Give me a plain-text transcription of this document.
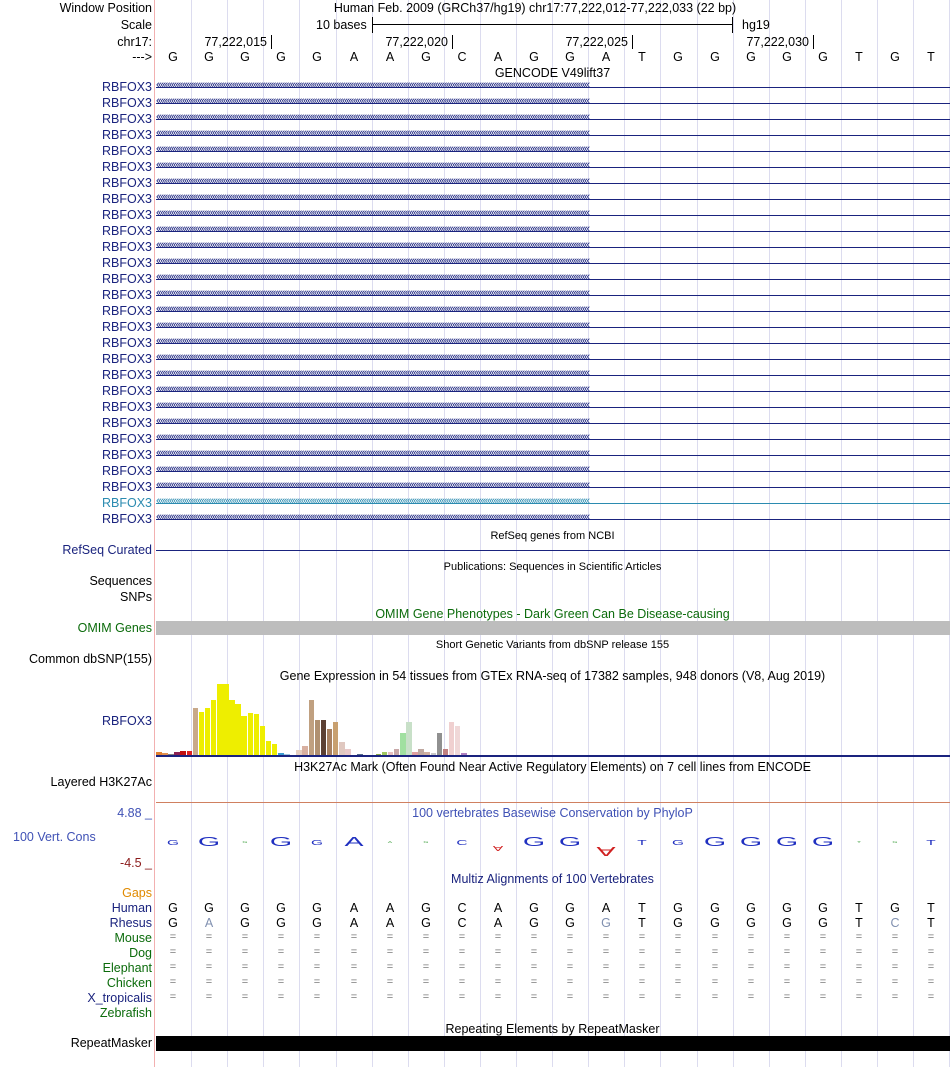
Window Position	Human Feb. 2009 (GRCh37/hg19) chr17:77,222,012-77,222,033 (22 bp)
Scale	10 bases	hg19
chr17:	77,222,015	77,222,020	77,222,025	77,222,030
--->	G	G	G	G	G	A	A	G	C	A	G	G	A	T	G	G	G	G	G	T	G	T
GENCODE V49lift37
RBFOX3 ‹‹‹‹‹‹‹‹‹‹‹‹‹‹‹‹‹‹‹‹‹‹‹‹‹‹‹‹‹‹‹‹‹‹‹‹‹‹‹‹‹‹‹‹‹‹‹‹‹‹‹‹‹‹‹‹‹‹‹‹‹‹‹‹‹‹‹‹‹‹‹‹‹‹‹‹‹‹‹‹‹‹‹‹‹‹‹‹‹‹‹‹‹‹‹‹‹‹‹‹‹‹‹‹‹‹‹‹‹‹‹‹‹‹‹‹‹‹‹‹‹‹‹‹‹‹‹‹‹‹‹‹‹‹‹‹‹‹‹‹‹‹‹‹‹‹‹‹‹‹‹‹‹‹‹‹‹‹‹‹‹‹‹‹‹‹‹‹‹‹‹‹‹‹‹‹‹‹‹‹‹‹‹‹‹‹‹‹‹‹‹‹‹‹‹‹‹‹‹‹
RBFOX3 ‹‹‹‹‹‹‹‹‹‹‹‹‹‹‹‹‹‹‹‹‹‹‹‹‹‹‹‹‹‹‹‹‹‹‹‹‹‹‹‹‹‹‹‹‹‹‹‹‹‹‹‹‹‹‹‹‹‹‹‹‹‹‹‹‹‹‹‹‹‹‹‹‹‹‹‹‹‹‹‹‹‹‹‹‹‹‹‹‹‹‹‹‹‹‹‹‹‹‹‹‹‹‹‹‹‹‹‹‹‹‹‹‹‹‹‹‹‹‹‹‹‹‹‹‹‹‹‹‹‹‹‹‹‹‹‹‹‹‹‹‹‹‹‹‹‹‹‹‹‹‹‹‹‹‹‹‹‹‹‹‹‹‹‹‹‹‹‹‹‹‹‹‹‹‹‹‹‹‹‹‹‹‹‹‹‹‹‹‹‹‹‹‹‹‹‹‹‹‹‹
RBFOX3 ‹‹‹‹‹‹‹‹‹‹‹‹‹‹‹‹‹‹‹‹‹‹‹‹‹‹‹‹‹‹‹‹‹‹‹‹‹‹‹‹‹‹‹‹‹‹‹‹‹‹‹‹‹‹‹‹‹‹‹‹‹‹‹‹‹‹‹‹‹‹‹‹‹‹‹‹‹‹‹‹‹‹‹‹‹‹‹‹‹‹‹‹‹‹‹‹‹‹‹‹‹‹‹‹‹‹‹‹‹‹‹‹‹‹‹‹‹‹‹‹‹‹‹‹‹‹‹‹‹‹‹‹‹‹‹‹‹‹‹‹‹‹‹‹‹‹‹‹‹‹‹‹‹‹‹‹‹‹‹‹‹‹‹‹‹‹‹‹‹‹‹‹‹‹‹‹‹‹‹‹‹‹‹‹‹‹‹‹‹‹‹‹‹‹‹‹‹‹‹‹
RBFOX3 ‹‹‹‹‹‹‹‹‹‹‹‹‹‹‹‹‹‹‹‹‹‹‹‹‹‹‹‹‹‹‹‹‹‹‹‹‹‹‹‹‹‹‹‹‹‹‹‹‹‹‹‹‹‹‹‹‹‹‹‹‹‹‹‹‹‹‹‹‹‹‹‹‹‹‹‹‹‹‹‹‹‹‹‹‹‹‹‹‹‹‹‹‹‹‹‹‹‹‹‹‹‹‹‹‹‹‹‹‹‹‹‹‹‹‹‹‹‹‹‹‹‹‹‹‹‹‹‹‹‹‹‹‹‹‹‹‹‹‹‹‹‹‹‹‹‹‹‹‹‹‹‹‹‹‹‹‹‹‹‹‹‹‹‹‹‹‹‹‹‹‹‹‹‹‹‹‹‹‹‹‹‹‹‹‹‹‹‹‹‹‹‹‹‹‹‹‹‹‹‹
RBFOX3 ‹‹‹‹‹‹‹‹‹‹‹‹‹‹‹‹‹‹‹‹‹‹‹‹‹‹‹‹‹‹‹‹‹‹‹‹‹‹‹‹‹‹‹‹‹‹‹‹‹‹‹‹‹‹‹‹‹‹‹‹‹‹‹‹‹‹‹‹‹‹‹‹‹‹‹‹‹‹‹‹‹‹‹‹‹‹‹‹‹‹‹‹‹‹‹‹‹‹‹‹‹‹‹‹‹‹‹‹‹‹‹‹‹‹‹‹‹‹‹‹‹‹‹‹‹‹‹‹‹‹‹‹‹‹‹‹‹‹‹‹‹‹‹‹‹‹‹‹‹‹‹‹‹‹‹‹‹‹‹‹‹‹‹‹‹‹‹‹‹‹‹‹‹‹‹‹‹‹‹‹‹‹‹‹‹‹‹‹‹‹‹‹‹‹‹‹‹‹‹‹
RBFOX3 ‹‹‹‹‹‹‹‹‹‹‹‹‹‹‹‹‹‹‹‹‹‹‹‹‹‹‹‹‹‹‹‹‹‹‹‹‹‹‹‹‹‹‹‹‹‹‹‹‹‹‹‹‹‹‹‹‹‹‹‹‹‹‹‹‹‹‹‹‹‹‹‹‹‹‹‹‹‹‹‹‹‹‹‹‹‹‹‹‹‹‹‹‹‹‹‹‹‹‹‹‹‹‹‹‹‹‹‹‹‹‹‹‹‹‹‹‹‹‹‹‹‹‹‹‹‹‹‹‹‹‹‹‹‹‹‹‹‹‹‹‹‹‹‹‹‹‹‹‹‹‹‹‹‹‹‹‹‹‹‹‹‹‹‹‹‹‹‹‹‹‹‹‹‹‹‹‹‹‹‹‹‹‹‹‹‹‹‹‹‹‹‹‹‹‹‹‹‹‹‹
RBFOX3 ‹‹‹‹‹‹‹‹‹‹‹‹‹‹‹‹‹‹‹‹‹‹‹‹‹‹‹‹‹‹‹‹‹‹‹‹‹‹‹‹‹‹‹‹‹‹‹‹‹‹‹‹‹‹‹‹‹‹‹‹‹‹‹‹‹‹‹‹‹‹‹‹‹‹‹‹‹‹‹‹‹‹‹‹‹‹‹‹‹‹‹‹‹‹‹‹‹‹‹‹‹‹‹‹‹‹‹‹‹‹‹‹‹‹‹‹‹‹‹‹‹‹‹‹‹‹‹‹‹‹‹‹‹‹‹‹‹‹‹‹‹‹‹‹‹‹‹‹‹‹‹‹‹‹‹‹‹‹‹‹‹‹‹‹‹‹‹‹‹‹‹‹‹‹‹‹‹‹‹‹‹‹‹‹‹‹‹‹‹‹‹‹‹‹‹‹‹‹‹‹
RBFOX3 ‹‹‹‹‹‹‹‹‹‹‹‹‹‹‹‹‹‹‹‹‹‹‹‹‹‹‹‹‹‹‹‹‹‹‹‹‹‹‹‹‹‹‹‹‹‹‹‹‹‹‹‹‹‹‹‹‹‹‹‹‹‹‹‹‹‹‹‹‹‹‹‹‹‹‹‹‹‹‹‹‹‹‹‹‹‹‹‹‹‹‹‹‹‹‹‹‹‹‹‹‹‹‹‹‹‹‹‹‹‹‹‹‹‹‹‹‹‹‹‹‹‹‹‹‹‹‹‹‹‹‹‹‹‹‹‹‹‹‹‹‹‹‹‹‹‹‹‹‹‹‹‹‹‹‹‹‹‹‹‹‹‹‹‹‹‹‹‹‹‹‹‹‹‹‹‹‹‹‹‹‹‹‹‹‹‹‹‹‹‹‹‹‹‹‹‹‹‹‹‹
RBFOX3 ‹‹‹‹‹‹‹‹‹‹‹‹‹‹‹‹‹‹‹‹‹‹‹‹‹‹‹‹‹‹‹‹‹‹‹‹‹‹‹‹‹‹‹‹‹‹‹‹‹‹‹‹‹‹‹‹‹‹‹‹‹‹‹‹‹‹‹‹‹‹‹‹‹‹‹‹‹‹‹‹‹‹‹‹‹‹‹‹‹‹‹‹‹‹‹‹‹‹‹‹‹‹‹‹‹‹‹‹‹‹‹‹‹‹‹‹‹‹‹‹‹‹‹‹‹‹‹‹‹‹‹‹‹‹‹‹‹‹‹‹‹‹‹‹‹‹‹‹‹‹‹‹‹‹‹‹‹‹‹‹‹‹‹‹‹‹‹‹‹‹‹‹‹‹‹‹‹‹‹‹‹‹‹‹‹‹‹‹‹‹‹‹‹‹‹‹‹‹‹‹
RBFOX3 ‹‹‹‹‹‹‹‹‹‹‹‹‹‹‹‹‹‹‹‹‹‹‹‹‹‹‹‹‹‹‹‹‹‹‹‹‹‹‹‹‹‹‹‹‹‹‹‹‹‹‹‹‹‹‹‹‹‹‹‹‹‹‹‹‹‹‹‹‹‹‹‹‹‹‹‹‹‹‹‹‹‹‹‹‹‹‹‹‹‹‹‹‹‹‹‹‹‹‹‹‹‹‹‹‹‹‹‹‹‹‹‹‹‹‹‹‹‹‹‹‹‹‹‹‹‹‹‹‹‹‹‹‹‹‹‹‹‹‹‹‹‹‹‹‹‹‹‹‹‹‹‹‹‹‹‹‹‹‹‹‹‹‹‹‹‹‹‹‹‹‹‹‹‹‹‹‹‹‹‹‹‹‹‹‹‹‹‹‹‹‹‹‹‹‹‹‹‹‹‹
RBFOX3 ‹‹‹‹‹‹‹‹‹‹‹‹‹‹‹‹‹‹‹‹‹‹‹‹‹‹‹‹‹‹‹‹‹‹‹‹‹‹‹‹‹‹‹‹‹‹‹‹‹‹‹‹‹‹‹‹‹‹‹‹‹‹‹‹‹‹‹‹‹‹‹‹‹‹‹‹‹‹‹‹‹‹‹‹‹‹‹‹‹‹‹‹‹‹‹‹‹‹‹‹‹‹‹‹‹‹‹‹‹‹‹‹‹‹‹‹‹‹‹‹‹‹‹‹‹‹‹‹‹‹‹‹‹‹‹‹‹‹‹‹‹‹‹‹‹‹‹‹‹‹‹‹‹‹‹‹‹‹‹‹‹‹‹‹‹‹‹‹‹‹‹‹‹‹‹‹‹‹‹‹‹‹‹‹‹‹‹‹‹‹‹‹‹‹‹‹‹‹‹‹
RBFOX3 ‹‹‹‹‹‹‹‹‹‹‹‹‹‹‹‹‹‹‹‹‹‹‹‹‹‹‹‹‹‹‹‹‹‹‹‹‹‹‹‹‹‹‹‹‹‹‹‹‹‹‹‹‹‹‹‹‹‹‹‹‹‹‹‹‹‹‹‹‹‹‹‹‹‹‹‹‹‹‹‹‹‹‹‹‹‹‹‹‹‹‹‹‹‹‹‹‹‹‹‹‹‹‹‹‹‹‹‹‹‹‹‹‹‹‹‹‹‹‹‹‹‹‹‹‹‹‹‹‹‹‹‹‹‹‹‹‹‹‹‹‹‹‹‹‹‹‹‹‹‹‹‹‹‹‹‹‹‹‹‹‹‹‹‹‹‹‹‹‹‹‹‹‹‹‹‹‹‹‹‹‹‹‹‹‹‹‹‹‹‹‹‹‹‹‹‹‹‹‹‹
RBFOX3 ‹‹‹‹‹‹‹‹‹‹‹‹‹‹‹‹‹‹‹‹‹‹‹‹‹‹‹‹‹‹‹‹‹‹‹‹‹‹‹‹‹‹‹‹‹‹‹‹‹‹‹‹‹‹‹‹‹‹‹‹‹‹‹‹‹‹‹‹‹‹‹‹‹‹‹‹‹‹‹‹‹‹‹‹‹‹‹‹‹‹‹‹‹‹‹‹‹‹‹‹‹‹‹‹‹‹‹‹‹‹‹‹‹‹‹‹‹‹‹‹‹‹‹‹‹‹‹‹‹‹‹‹‹‹‹‹‹‹‹‹‹‹‹‹‹‹‹‹‹‹‹‹‹‹‹‹‹‹‹‹‹‹‹‹‹‹‹‹‹‹‹‹‹‹‹‹‹‹‹‹‹‹‹‹‹‹‹‹‹‹‹‹‹‹‹‹‹‹‹‹
RBFOX3 ‹‹‹‹‹‹‹‹‹‹‹‹‹‹‹‹‹‹‹‹‹‹‹‹‹‹‹‹‹‹‹‹‹‹‹‹‹‹‹‹‹‹‹‹‹‹‹‹‹‹‹‹‹‹‹‹‹‹‹‹‹‹‹‹‹‹‹‹‹‹‹‹‹‹‹‹‹‹‹‹‹‹‹‹‹‹‹‹‹‹‹‹‹‹‹‹‹‹‹‹‹‹‹‹‹‹‹‹‹‹‹‹‹‹‹‹‹‹‹‹‹‹‹‹‹‹‹‹‹‹‹‹‹‹‹‹‹‹‹‹‹‹‹‹‹‹‹‹‹‹‹‹‹‹‹‹‹‹‹‹‹‹‹‹‹‹‹‹‹‹‹‹‹‹‹‹‹‹‹‹‹‹‹‹‹‹‹‹‹‹‹‹‹‹‹‹‹‹‹‹
RBFOX3 ‹‹‹‹‹‹‹‹‹‹‹‹‹‹‹‹‹‹‹‹‹‹‹‹‹‹‹‹‹‹‹‹‹‹‹‹‹‹‹‹‹‹‹‹‹‹‹‹‹‹‹‹‹‹‹‹‹‹‹‹‹‹‹‹‹‹‹‹‹‹‹‹‹‹‹‹‹‹‹‹‹‹‹‹‹‹‹‹‹‹‹‹‹‹‹‹‹‹‹‹‹‹‹‹‹‹‹‹‹‹‹‹‹‹‹‹‹‹‹‹‹‹‹‹‹‹‹‹‹‹‹‹‹‹‹‹‹‹‹‹‹‹‹‹‹‹‹‹‹‹‹‹‹‹‹‹‹‹‹‹‹‹‹‹‹‹‹‹‹‹‹‹‹‹‹‹‹‹‹‹‹‹‹‹‹‹‹‹‹‹‹‹‹‹‹‹‹‹‹‹
RBFOX3 ‹‹‹‹‹‹‹‹‹‹‹‹‹‹‹‹‹‹‹‹‹‹‹‹‹‹‹‹‹‹‹‹‹‹‹‹‹‹‹‹‹‹‹‹‹‹‹‹‹‹‹‹‹‹‹‹‹‹‹‹‹‹‹‹‹‹‹‹‹‹‹‹‹‹‹‹‹‹‹‹‹‹‹‹‹‹‹‹‹‹‹‹‹‹‹‹‹‹‹‹‹‹‹‹‹‹‹‹‹‹‹‹‹‹‹‹‹‹‹‹‹‹‹‹‹‹‹‹‹‹‹‹‹‹‹‹‹‹‹‹‹‹‹‹‹‹‹‹‹‹‹‹‹‹‹‹‹‹‹‹‹‹‹‹‹‹‹‹‹‹‹‹‹‹‹‹‹‹‹‹‹‹‹‹‹‹‹‹‹‹‹‹‹‹‹‹‹‹‹‹
RBFOX3 ‹‹‹‹‹‹‹‹‹‹‹‹‹‹‹‹‹‹‹‹‹‹‹‹‹‹‹‹‹‹‹‹‹‹‹‹‹‹‹‹‹‹‹‹‹‹‹‹‹‹‹‹‹‹‹‹‹‹‹‹‹‹‹‹‹‹‹‹‹‹‹‹‹‹‹‹‹‹‹‹‹‹‹‹‹‹‹‹‹‹‹‹‹‹‹‹‹‹‹‹‹‹‹‹‹‹‹‹‹‹‹‹‹‹‹‹‹‹‹‹‹‹‹‹‹‹‹‹‹‹‹‹‹‹‹‹‹‹‹‹‹‹‹‹‹‹‹‹‹‹‹‹‹‹‹‹‹‹‹‹‹‹‹‹‹‹‹‹‹‹‹‹‹‹‹‹‹‹‹‹‹‹‹‹‹‹‹‹‹‹‹‹‹‹‹‹‹‹‹‹
RBFOX3 ‹‹‹‹‹‹‹‹‹‹‹‹‹‹‹‹‹‹‹‹‹‹‹‹‹‹‹‹‹‹‹‹‹‹‹‹‹‹‹‹‹‹‹‹‹‹‹‹‹‹‹‹‹‹‹‹‹‹‹‹‹‹‹‹‹‹‹‹‹‹‹‹‹‹‹‹‹‹‹‹‹‹‹‹‹‹‹‹‹‹‹‹‹‹‹‹‹‹‹‹‹‹‹‹‹‹‹‹‹‹‹‹‹‹‹‹‹‹‹‹‹‹‹‹‹‹‹‹‹‹‹‹‹‹‹‹‹‹‹‹‹‹‹‹‹‹‹‹‹‹‹‹‹‹‹‹‹‹‹‹‹‹‹‹‹‹‹‹‹‹‹‹‹‹‹‹‹‹‹‹‹‹‹‹‹‹‹‹‹‹‹‹‹‹‹‹‹‹‹‹
RBFOX3 ‹‹‹‹‹‹‹‹‹‹‹‹‹‹‹‹‹‹‹‹‹‹‹‹‹‹‹‹‹‹‹‹‹‹‹‹‹‹‹‹‹‹‹‹‹‹‹‹‹‹‹‹‹‹‹‹‹‹‹‹‹‹‹‹‹‹‹‹‹‹‹‹‹‹‹‹‹‹‹‹‹‹‹‹‹‹‹‹‹‹‹‹‹‹‹‹‹‹‹‹‹‹‹‹‹‹‹‹‹‹‹‹‹‹‹‹‹‹‹‹‹‹‹‹‹‹‹‹‹‹‹‹‹‹‹‹‹‹‹‹‹‹‹‹‹‹‹‹‹‹‹‹‹‹‹‹‹‹‹‹‹‹‹‹‹‹‹‹‹‹‹‹‹‹‹‹‹‹‹‹‹‹‹‹‹‹‹‹‹‹‹‹‹‹‹‹‹‹‹‹
RBFOX3 ‹‹‹‹‹‹‹‹‹‹‹‹‹‹‹‹‹‹‹‹‹‹‹‹‹‹‹‹‹‹‹‹‹‹‹‹‹‹‹‹‹‹‹‹‹‹‹‹‹‹‹‹‹‹‹‹‹‹‹‹‹‹‹‹‹‹‹‹‹‹‹‹‹‹‹‹‹‹‹‹‹‹‹‹‹‹‹‹‹‹‹‹‹‹‹‹‹‹‹‹‹‹‹‹‹‹‹‹‹‹‹‹‹‹‹‹‹‹‹‹‹‹‹‹‹‹‹‹‹‹‹‹‹‹‹‹‹‹‹‹‹‹‹‹‹‹‹‹‹‹‹‹‹‹‹‹‹‹‹‹‹‹‹‹‹‹‹‹‹‹‹‹‹‹‹‹‹‹‹‹‹‹‹‹‹‹‹‹‹‹‹‹‹‹‹‹‹‹‹‹
RBFOX3 ‹‹‹‹‹‹‹‹‹‹‹‹‹‹‹‹‹‹‹‹‹‹‹‹‹‹‹‹‹‹‹‹‹‹‹‹‹‹‹‹‹‹‹‹‹‹‹‹‹‹‹‹‹‹‹‹‹‹‹‹‹‹‹‹‹‹‹‹‹‹‹‹‹‹‹‹‹‹‹‹‹‹‹‹‹‹‹‹‹‹‹‹‹‹‹‹‹‹‹‹‹‹‹‹‹‹‹‹‹‹‹‹‹‹‹‹‹‹‹‹‹‹‹‹‹‹‹‹‹‹‹‹‹‹‹‹‹‹‹‹‹‹‹‹‹‹‹‹‹‹‹‹‹‹‹‹‹‹‹‹‹‹‹‹‹‹‹‹‹‹‹‹‹‹‹‹‹‹‹‹‹‹‹‹‹‹‹‹‹‹‹‹‹‹‹‹‹‹‹‹
RBFOX3 ‹‹‹‹‹‹‹‹‹‹‹‹‹‹‹‹‹‹‹‹‹‹‹‹‹‹‹‹‹‹‹‹‹‹‹‹‹‹‹‹‹‹‹‹‹‹‹‹‹‹‹‹‹‹‹‹‹‹‹‹‹‹‹‹‹‹‹‹‹‹‹‹‹‹‹‹‹‹‹‹‹‹‹‹‹‹‹‹‹‹‹‹‹‹‹‹‹‹‹‹‹‹‹‹‹‹‹‹‹‹‹‹‹‹‹‹‹‹‹‹‹‹‹‹‹‹‹‹‹‹‹‹‹‹‹‹‹‹‹‹‹‹‹‹‹‹‹‹‹‹‹‹‹‹‹‹‹‹‹‹‹‹‹‹‹‹‹‹‹‹‹‹‹‹‹‹‹‹‹‹‹‹‹‹‹‹‹‹‹‹‹‹‹‹‹‹‹‹‹‹
RBFOX3 ‹‹‹‹‹‹‹‹‹‹‹‹‹‹‹‹‹‹‹‹‹‹‹‹‹‹‹‹‹‹‹‹‹‹‹‹‹‹‹‹‹‹‹‹‹‹‹‹‹‹‹‹‹‹‹‹‹‹‹‹‹‹‹‹‹‹‹‹‹‹‹‹‹‹‹‹‹‹‹‹‹‹‹‹‹‹‹‹‹‹‹‹‹‹‹‹‹‹‹‹‹‹‹‹‹‹‹‹‹‹‹‹‹‹‹‹‹‹‹‹‹‹‹‹‹‹‹‹‹‹‹‹‹‹‹‹‹‹‹‹‹‹‹‹‹‹‹‹‹‹‹‹‹‹‹‹‹‹‹‹‹‹‹‹‹‹‹‹‹‹‹‹‹‹‹‹‹‹‹‹‹‹‹‹‹‹‹‹‹‹‹‹‹‹‹‹‹‹‹‹
RBFOX3 ‹‹‹‹‹‹‹‹‹‹‹‹‹‹‹‹‹‹‹‹‹‹‹‹‹‹‹‹‹‹‹‹‹‹‹‹‹‹‹‹‹‹‹‹‹‹‹‹‹‹‹‹‹‹‹‹‹‹‹‹‹‹‹‹‹‹‹‹‹‹‹‹‹‹‹‹‹‹‹‹‹‹‹‹‹‹‹‹‹‹‹‹‹‹‹‹‹‹‹‹‹‹‹‹‹‹‹‹‹‹‹‹‹‹‹‹‹‹‹‹‹‹‹‹‹‹‹‹‹‹‹‹‹‹‹‹‹‹‹‹‹‹‹‹‹‹‹‹‹‹‹‹‹‹‹‹‹‹‹‹‹‹‹‹‹‹‹‹‹‹‹‹‹‹‹‹‹‹‹‹‹‹‹‹‹‹‹‹‹‹‹‹‹‹‹‹‹‹‹‹
RBFOX3 ‹‹‹‹‹‹‹‹‹‹‹‹‹‹‹‹‹‹‹‹‹‹‹‹‹‹‹‹‹‹‹‹‹‹‹‹‹‹‹‹‹‹‹‹‹‹‹‹‹‹‹‹‹‹‹‹‹‹‹‹‹‹‹‹‹‹‹‹‹‹‹‹‹‹‹‹‹‹‹‹‹‹‹‹‹‹‹‹‹‹‹‹‹‹‹‹‹‹‹‹‹‹‹‹‹‹‹‹‹‹‹‹‹‹‹‹‹‹‹‹‹‹‹‹‹‹‹‹‹‹‹‹‹‹‹‹‹‹‹‹‹‹‹‹‹‹‹‹‹‹‹‹‹‹‹‹‹‹‹‹‹‹‹‹‹‹‹‹‹‹‹‹‹‹‹‹‹‹‹‹‹‹‹‹‹‹‹‹‹‹‹‹‹‹‹‹‹‹‹‹
RBFOX3 ‹‹‹‹‹‹‹‹‹‹‹‹‹‹‹‹‹‹‹‹‹‹‹‹‹‹‹‹‹‹‹‹‹‹‹‹‹‹‹‹‹‹‹‹‹‹‹‹‹‹‹‹‹‹‹‹‹‹‹‹‹‹‹‹‹‹‹‹‹‹‹‹‹‹‹‹‹‹‹‹‹‹‹‹‹‹‹‹‹‹‹‹‹‹‹‹‹‹‹‹‹‹‹‹‹‹‹‹‹‹‹‹‹‹‹‹‹‹‹‹‹‹‹‹‹‹‹‹‹‹‹‹‹‹‹‹‹‹‹‹‹‹‹‹‹‹‹‹‹‹‹‹‹‹‹‹‹‹‹‹‹‹‹‹‹‹‹‹‹‹‹‹‹‹‹‹‹‹‹‹‹‹‹‹‹‹‹‹‹‹‹‹‹‹‹‹‹‹‹‹
RBFOX3 ‹‹‹‹‹‹‹‹‹‹‹‹‹‹‹‹‹‹‹‹‹‹‹‹‹‹‹‹‹‹‹‹‹‹‹‹‹‹‹‹‹‹‹‹‹‹‹‹‹‹‹‹‹‹‹‹‹‹‹‹‹‹‹‹‹‹‹‹‹‹‹‹‹‹‹‹‹‹‹‹‹‹‹‹‹‹‹‹‹‹‹‹‹‹‹‹‹‹‹‹‹‹‹‹‹‹‹‹‹‹‹‹‹‹‹‹‹‹‹‹‹‹‹‹‹‹‹‹‹‹‹‹‹‹‹‹‹‹‹‹‹‹‹‹‹‹‹‹‹‹‹‹‹‹‹‹‹‹‹‹‹‹‹‹‹‹‹‹‹‹‹‹‹‹‹‹‹‹‹‹‹‹‹‹‹‹‹‹‹‹‹‹‹‹‹‹‹‹‹‹
RBFOX3 ‹‹‹‹‹‹‹‹‹‹‹‹‹‹‹‹‹‹‹‹‹‹‹‹‹‹‹‹‹‹‹‹‹‹‹‹‹‹‹‹‹‹‹‹‹‹‹‹‹‹‹‹‹‹‹‹‹‹‹‹‹‹‹‹‹‹‹‹‹‹‹‹‹‹‹‹‹‹‹‹‹‹‹‹‹‹‹‹‹‹‹‹‹‹‹‹‹‹‹‹‹‹‹‹‹‹‹‹‹‹‹‹‹‹‹‹‹‹‹‹‹‹‹‹‹‹‹‹‹‹‹‹‹‹‹‹‹‹‹‹‹‹‹‹‹‹‹‹‹‹‹‹‹‹‹‹‹‹‹‹‹‹‹‹‹‹‹‹‹‹‹‹‹‹‹‹‹‹‹‹‹‹‹‹‹‹‹‹‹‹‹‹‹‹‹‹‹‹‹‹
RefSeq genes from NCBI
RefSeq Curated
Publications: Sequences in Scientific Articles
Sequences
SNPs
OMIM Gene Phenotypes - Dark Green Can Be Disease-causing
OMIM Genes
Short Genetic Variants from dbSNP release 155
Common dbSNP(155)
Gene Expression in 54 tissues from GTEx RNA-seq of 17382 samples, 948 donors (V8, Aug 2019)
RBFOX3
H3K27Ac Mark (Often Found Near Active Regulatory Elements) on 7 cell lines from ENCODE
Layered H3K27Ac
100 vertebrates Basewise Conservation by PhyloP
4.88 _
100 Vert. Cons
-4.5 _
G	G	G	G	G	A	A	G	C
A	G	G
A
T	G	G	G	G	G	T	G	T
Gaps
Multiz Alignments of 100 Vertebrates
Human	G	G	G	G	G	A	A	G	C	A	G	G	A	T	G	G	G	G	G	T	G	T
Rhesus	G	A	G	G	G	A	A	G	C	A	G	G	G	T	G	G	G	G	G	T	C	T
Mouse	=	=	=	=	=	=	=	=	=	=	=	=	=	=	=	=	=	=	=	=	=	=
Dog	=	=	=	=	=	=	=	=	=	=	=	=	=	=	=	=	=	=	=	=	=	=
Elephant	=	=	=	=	=	=	=	=	=	=	=	=	=	=	=	=	=	=	=	=	=	=
Chicken	=	=	=	=	=	=	=	=	=	=	=	=	=	=	=	=	=	=	=	=	=	=
X_tropicalis	=	=	=	=	=	=	=	=	=	=	=	=	=	=	=	=	=	=	=	=	=	=
Zebrafish
Repeating Elements by RepeatMasker
RepeatMasker
